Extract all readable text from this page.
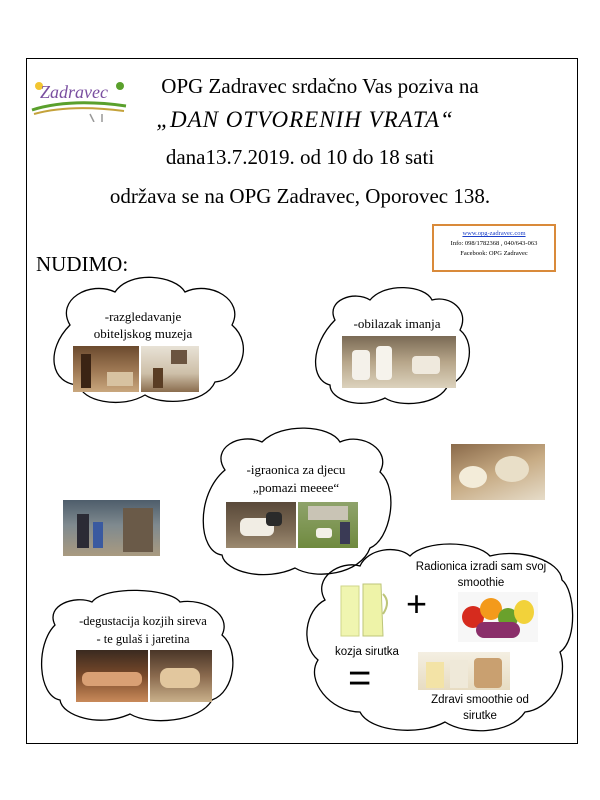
Zadravec	OPG Zadravec srdačno Vas poziva na
„DAN OTVORENIH VRATA“
dana13.7.2019. od 10 do 18 sati
održava se na OPG Zadravec, Oporovec 138.
www.opg-zadravec.com
Info: 098/1782368 , 040/643-063
Facebook: OPG Zadravec
NUDIMO:
-razgledavanje
obiteljskog muzeja
-obilazak imanja
-igraonica za djecu
„pomazi meeee“
-degustacija kozjih sireva
- te gulaš i jaretina
Radionica izradi sam svoj
smoothie
+
kozja sirutka
=	Zdravi smoothie od
sirutke
